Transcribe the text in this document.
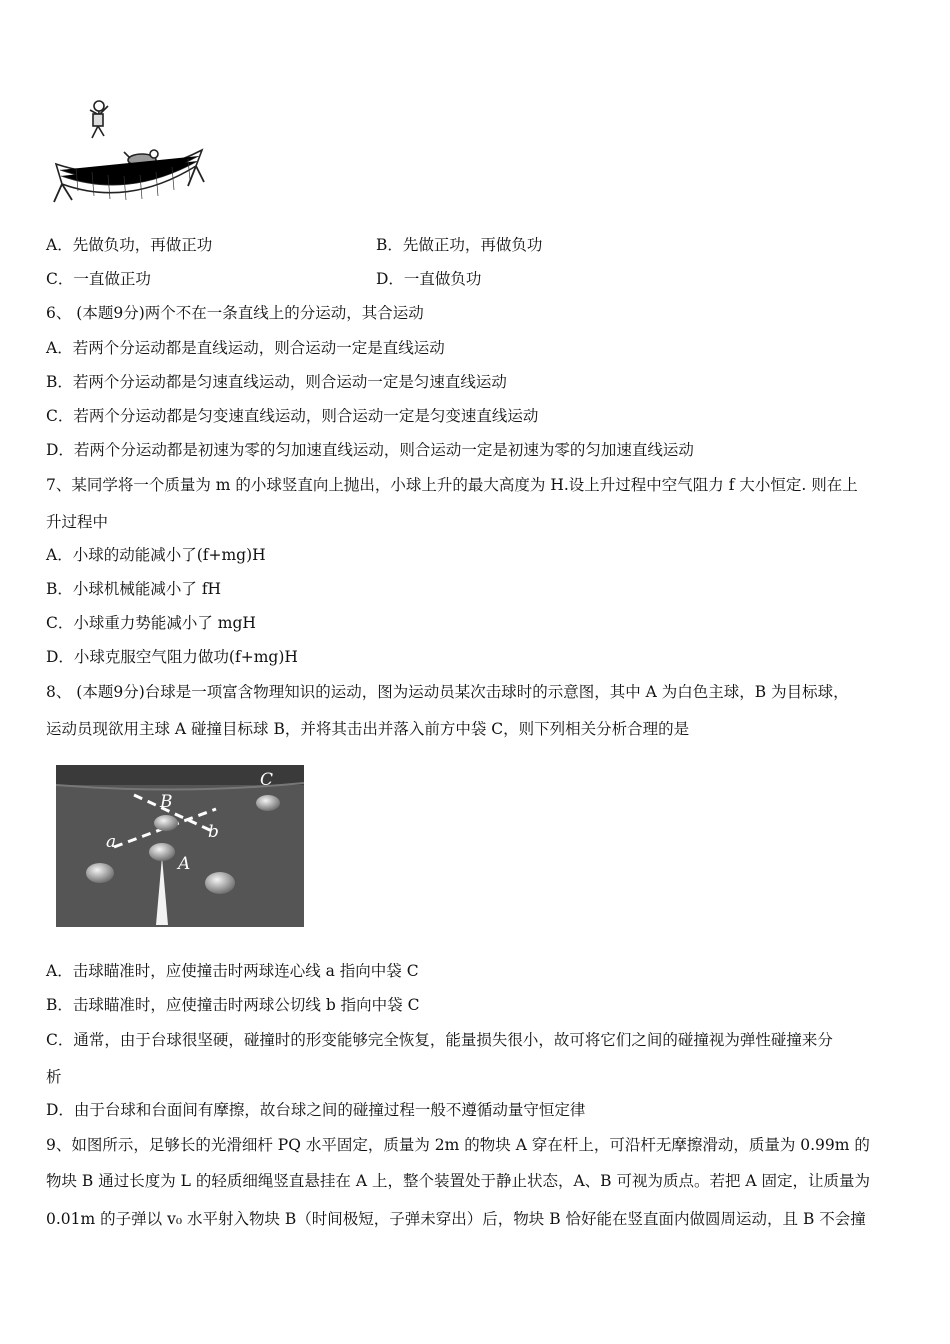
A．先做负功，再做正功	B．先做正功，再做负功
C．一直做正功	D．一直做负功
6、 (本题9分)两个不在一条直线上的分运动，其合运动
A．若两个分运动都是直线运动，则合运动一定是直线运动
B．若两个分运动都是匀速直线运动，则合运动一定是匀速直线运动
C．若两个分运动都是匀变速直线运动，则合运动一定是匀变速直线运动
D．若两个分运动都是初速为零的匀加速直线运动，则合运动一定是初速为零的匀加速直线运动
7、某同学将一个质量为 m 的小球竖直向上抛出，小球上升的最大高度为 H.设上升过程中空气阻力 f 大小恒定. 则在上
升过程中
A．小球的动能减小了(f+mg)H
B．小球机械能减小了 fH
C．小球重力势能减小了 mgH
D．小球克服空气阻力做功(f+mg)H
8、 (本题9分)台球是一项富含物理知识的运动，图为运动员某次击球时的示意图，其中 A 为白色主球，B 为目标球，
运动员现欲用主球 A 碰撞目标球 B，并将其击出并落入前方中袋 C，则下列相关分析合理的是
B
C
a	b
A
A．击球瞄准时，应使撞击时两球连心线 a 指向中袋 C
B．击球瞄准时，应使撞击时两球公切线 b 指向中袋 C
C．通常，由于台球很坚硬，碰撞时的形变能够完全恢复，能量损失很小，故可将它们之间的碰撞视为弹性碰撞来分
析
D．由于台球和台面间有摩擦，故台球之间的碰撞过程一般不遵循动量守恒定律
9、如图所示，足够长的光滑细杆 PQ 水平固定，质量为 2m 的物块 A 穿在杆上，可沿杆无摩擦滑动，质量为 0.99m 的
物块 B 通过长度为 L 的轻质细绳竖直悬挂在 A 上，整个装置处于静止状态，A、B 可视为质点。若把 A 固定，让质量为
0.01m 的子弹以 v₀ 水平射入物块 B（时间极短，子弹未穿出）后，物块 B 恰好能在竖直面内做圆周运动，且 B 不会撞
